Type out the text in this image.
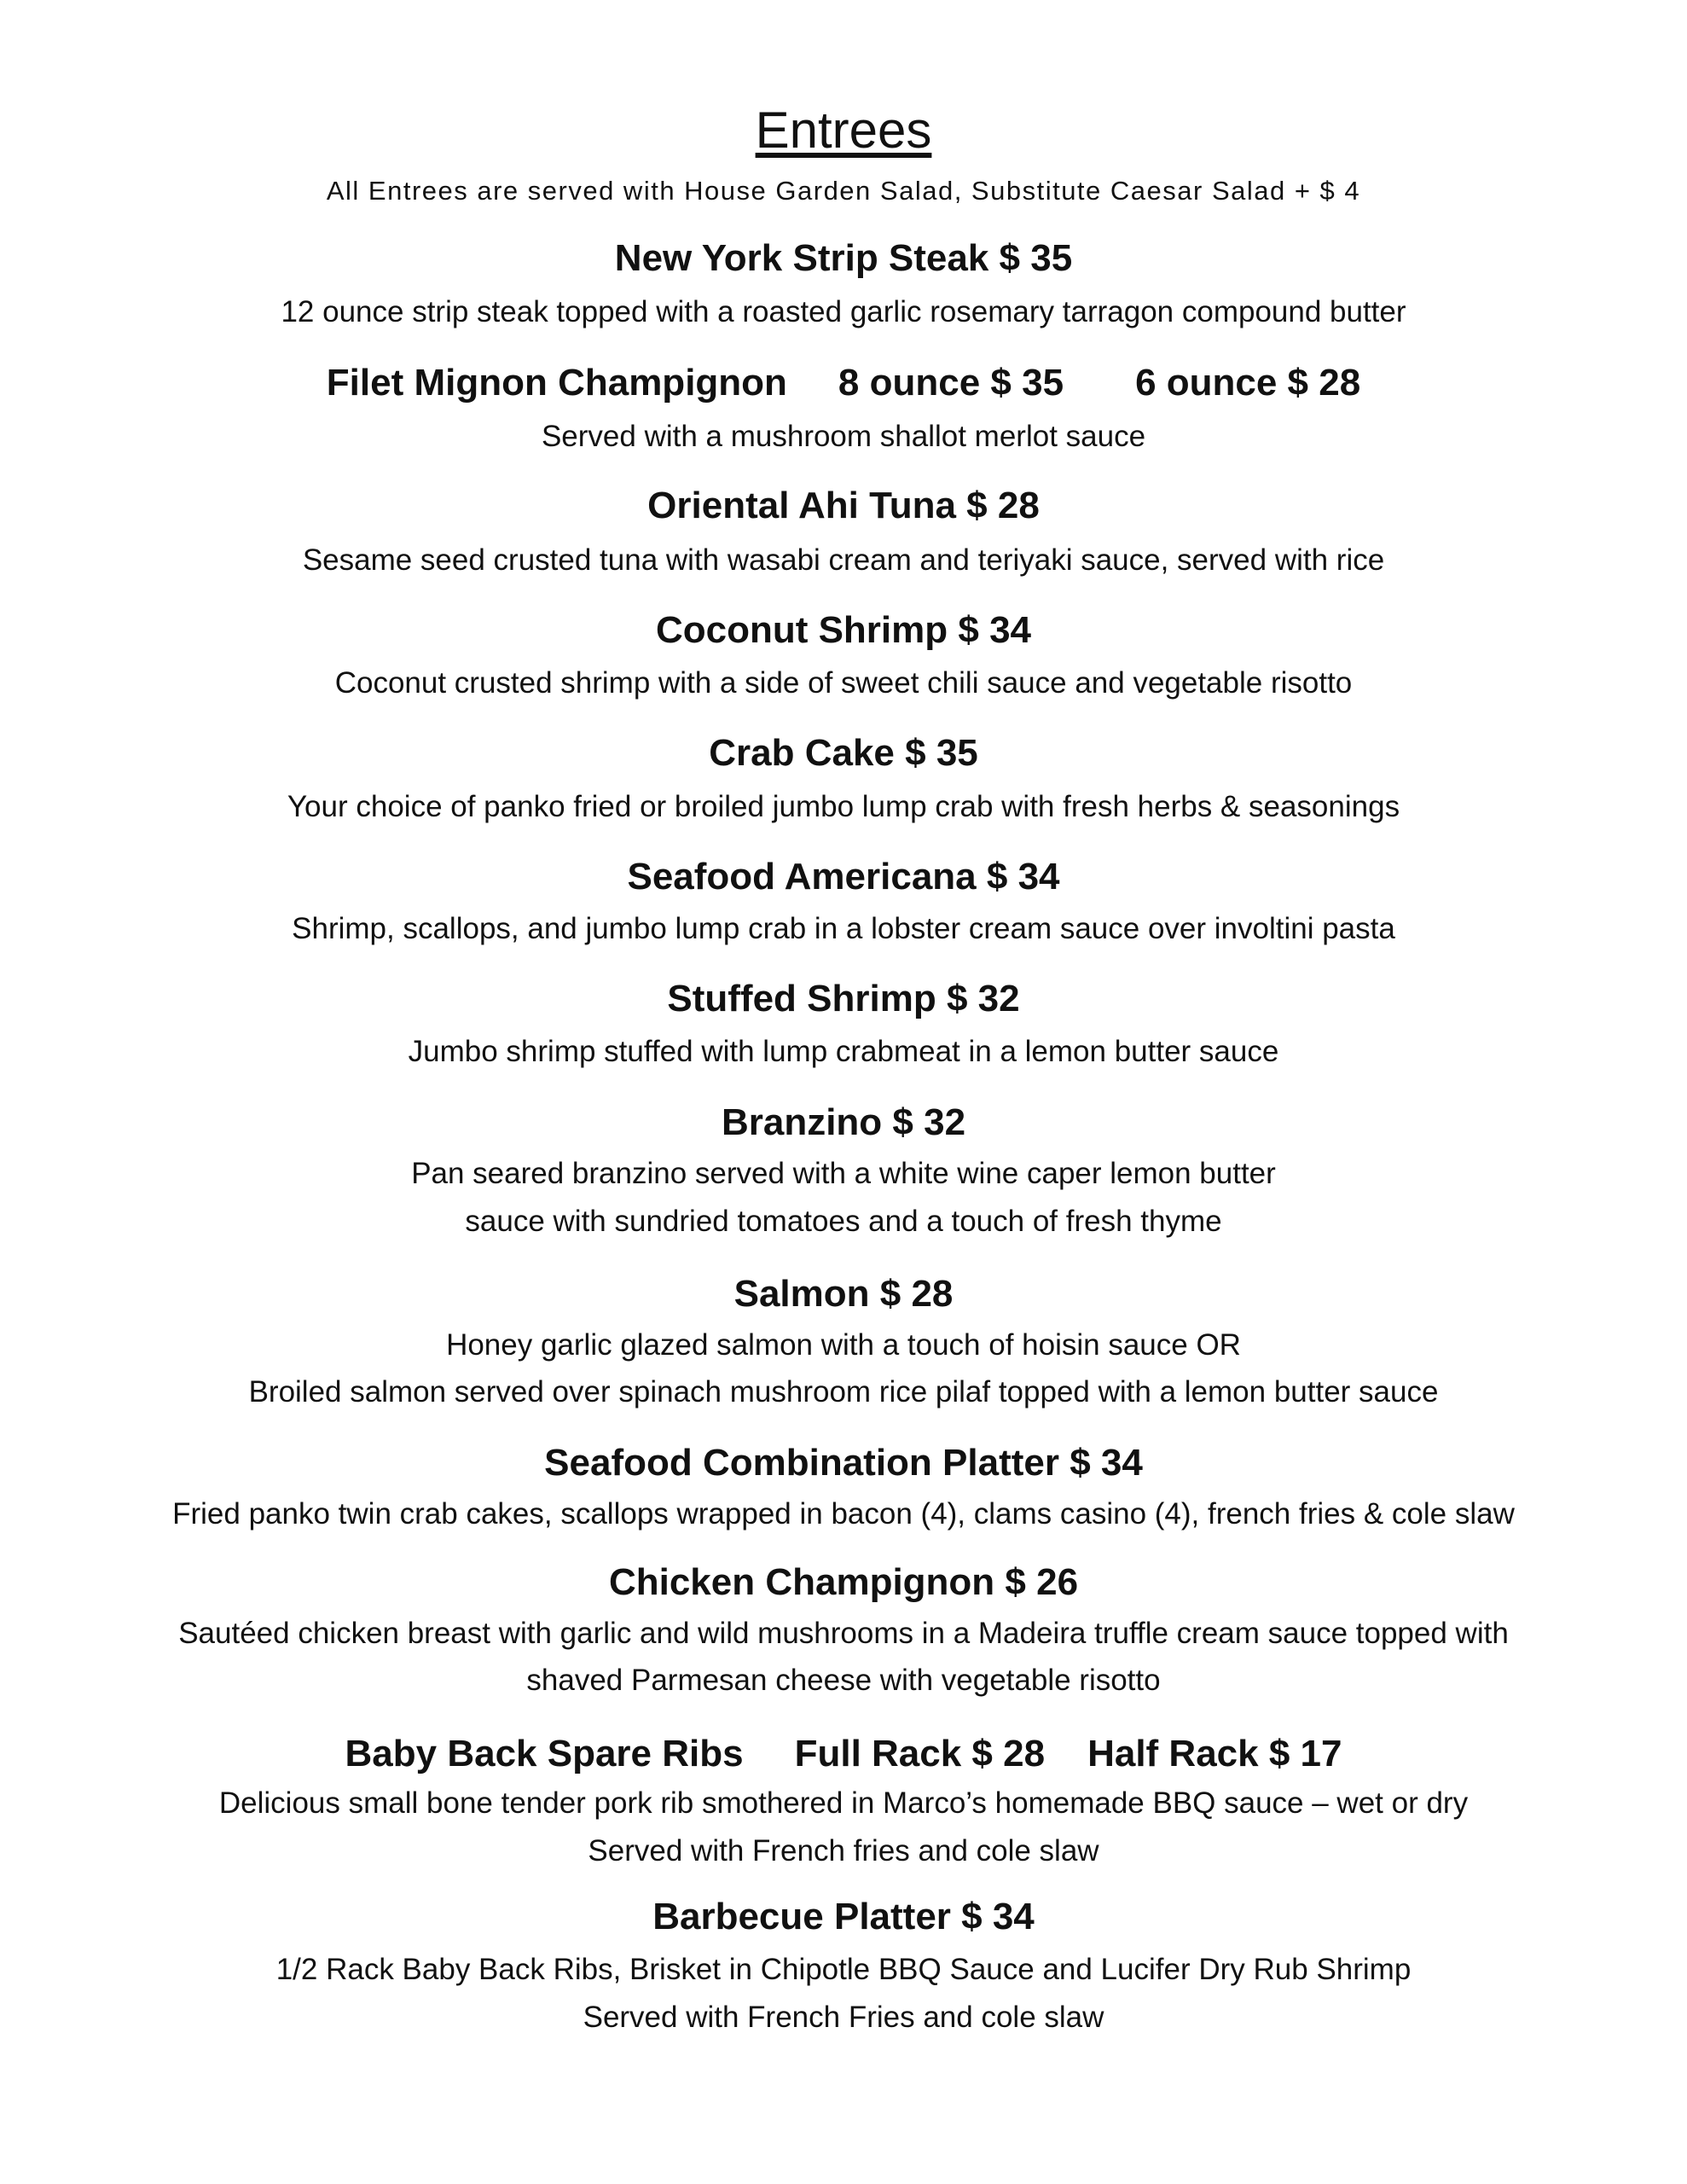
Entrees
All Entrees are served with House Garden Salad, Substitute Caesar Salad + $ 4
New York Strip Steak $ 35
12 ounce strip steak topped with a roasted garlic rosemary tarragon compound butter
Filet Mignon Champignon 8 ounce $ 35 6 ounce $ 28
Served with a mushroom shallot merlot sauce
Oriental Ahi Tuna $ 28
Sesame seed crusted tuna with wasabi cream and teriyaki sauce, served with rice
Coconut Shrimp $ 34
Coconut crusted shrimp with a side of sweet chili sauce and vegetable risotto
Crab Cake $ 35
Your choice of panko fried or broiled jumbo lump crab with fresh herbs & seasonings
Seafood Americana $ 34
Shrimp, scallops, and jumbo lump crab in a lobster cream sauce over involtini pasta
Stuffed Shrimp $ 32
Jumbo shrimp stuffed with lump crabmeat in a lemon butter sauce
Branzino $ 32
Pan seared branzino served with a white wine caper lemon butter
sauce with sundried tomatoes and a touch of fresh thyme
Salmon $ 28
Honey garlic glazed salmon with a touch of hoisin sauce OR
Broiled salmon served over spinach mushroom rice pilaf topped with a lemon butter sauce
Seafood Combination Platter $ 34
Fried panko twin crab cakes, scallops wrapped in bacon (4), clams casino (4), french fries & cole slaw
Chicken Champignon $ 26
Sautéed chicken breast with garlic and wild mushrooms in a Madeira truffle cream sauce topped with
shaved Parmesan cheese with vegetable risotto
Baby Back Spare Ribs Full Rack $ 28 Half Rack $ 17
Delicious small bone tender pork rib smothered in Marco’s homemade BBQ sauce – wet or dry
Served with French fries and cole slaw
Barbecue Platter $ 34
1/2 Rack Baby Back Ribs, Brisket in Chipotle BBQ Sauce and Lucifer Dry Rub Shrimp
Served with French Fries and cole slaw
